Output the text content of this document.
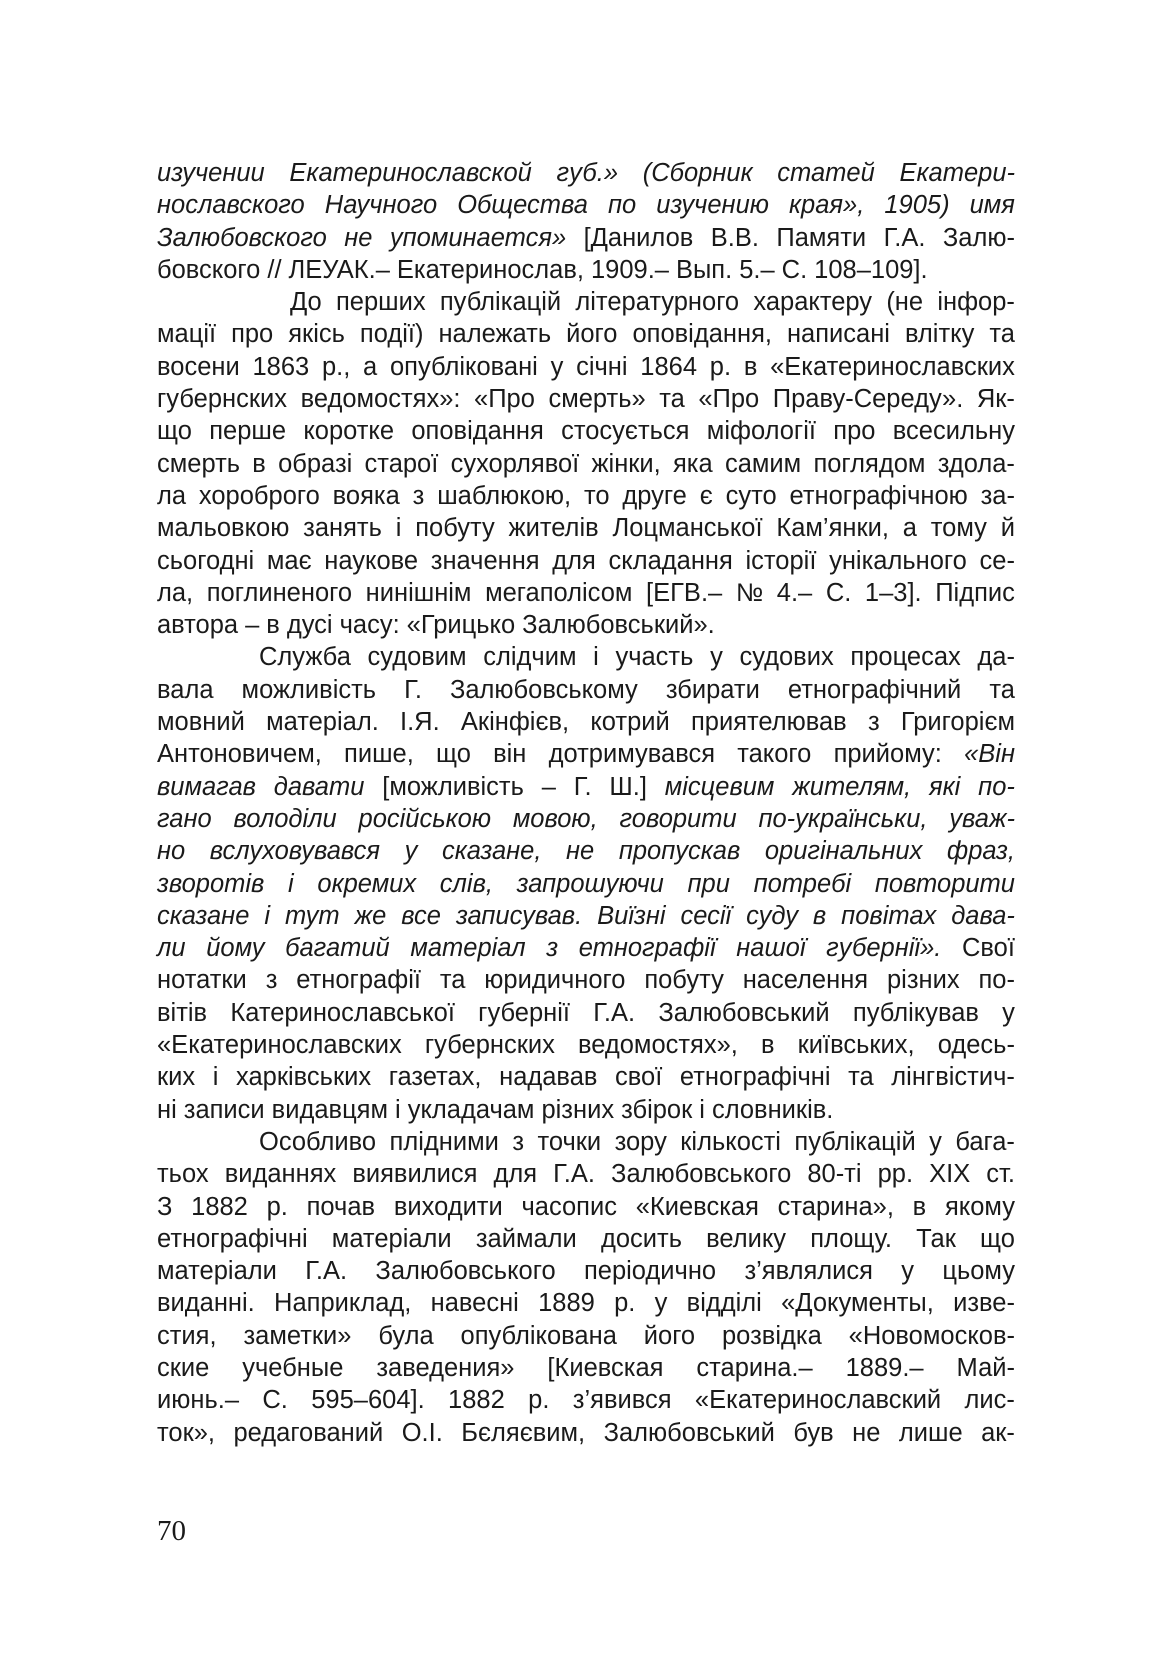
изучении Екатеринославской губ.» (Сборник статей Екатери-
нославского Научного Общества по изучению края», 1905) имя
Залюбовского не упоминается» [Данилов В.В. Памяти Г.А. Залю-
бовского // ЛЕУАК.– Екатеринослав, 1909.– Вып. 5.– С. 108–109].
До перших публікацій літературного характеру (не інфор-
мації про якісь події) належать його оповідання, написані влітку та
восени 1863 р., а опубліковані у січні 1864 р. в «Екатеринославских
губернских ведомостях»: «Про смерть» та «Про Праву-Середу». Як-
що перше коротке оповідання стосується міфології про всесильну
смерть в образі старої сухорлявої жінки, яка самим поглядом здола-
ла хороброго вояка з шаблюкою, то друге є суто етнографічною за-
мальовкою занять і побуту жителів Лоцманської Кам’янки, а тому й
сьогодні має наукове значення для складання історії унікального се-
ла, поглиненого нинішнім мегаполісом [ЕГВ.– № 4.– С. 1–3]. Підпис
автора – в дусі часу: «Грицько Залюбовський».
Служба судовим слідчим і участь у судових процесах да-
вала можливість Г. Залюбовському збирати етнографічний та
мовний матеріал. І.Я. Акінфієв, котрий приятелював з Григорієм
Антоновичем, пише, що він дотримувався такого прийому: «Він
вимагав давати [можливість – Г. Ш.] місцевим жителям, які по-
гано володіли російською мовою, говорити по-українськи, уваж-
но вслуховувався у сказане, не пропускав оригінальних фраз,
зворотів і окремих слів, запрошуючи при потребі повторити
сказане і тут же все записував. Виїзні сесії суду в повітах дава-
ли йому багатий матеріал з етнографії нашої губернії». Свої
нотатки з етнографії та юридичного побуту населення різних по-
вітів Катеринославської губернії Г.А. Залюбовський публікував у
«Екатеринославских губернских ведомостях», в київських, одесь-
ких і харківських газетах, надавав свої етнографічні та лінгвістич-
ні записи видавцям і укладачам різних збірок і словників.
Особливо плідними з точки зору кількості публікацій у бага-
тьох виданнях виявилися для Г.А. Залюбовського 80-ті рр. XIX ст.
З 1882 р. почав виходити часопис «Киевская старина», в якому
етнографічні матеріали займали досить велику площу. Так що
матеріали Г.А. Залюбовського періодично з’являлися у цьому
виданні. Наприклад, навесні 1889 р. у відділі «Документы, изве-
стия, заметки» була опублікована його розвідка «Новомосков-
ские учебные заведения» [Киевская старина.– 1889.– Май-
июнь.– С. 595–604]. 1882 р. з’явився «Екатеринославский лис-
ток», редагований О.І. Бєляєвим, Залюбовський був не лише ак-
70
